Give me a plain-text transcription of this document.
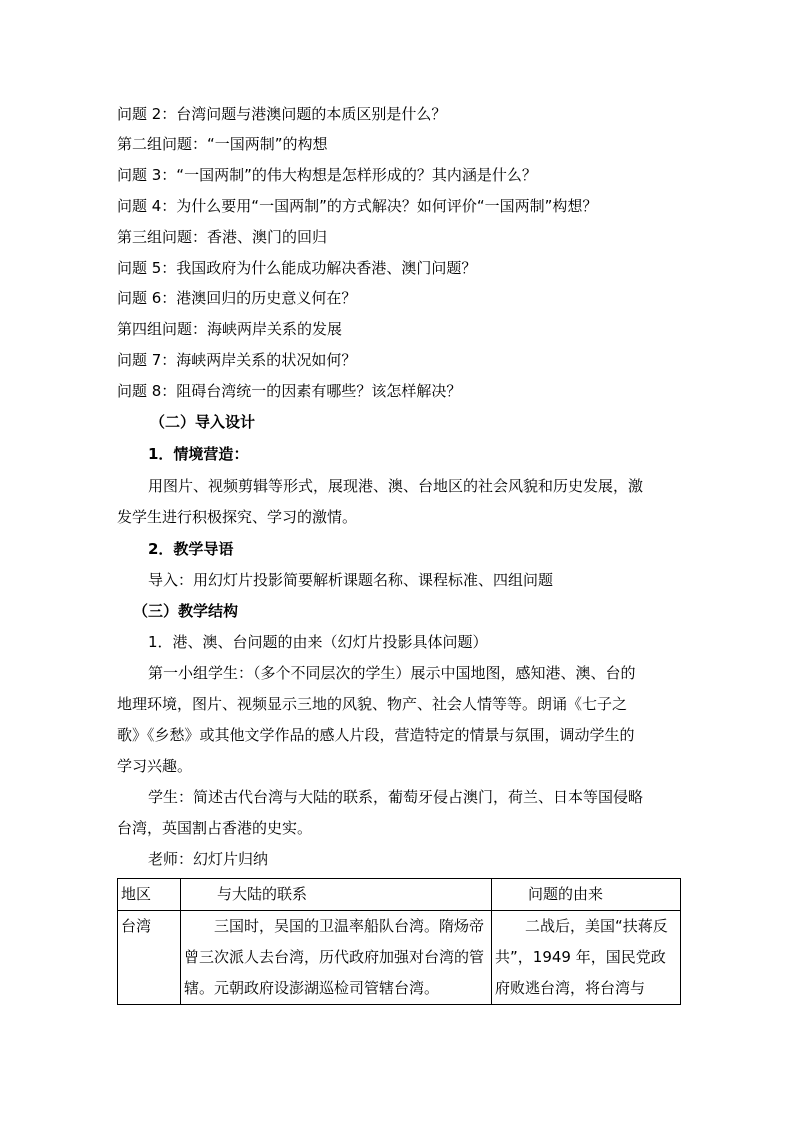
问题 2：台湾问题与港澳问题的本质区别是什么？
第二组问题：“一国两制”的构想
问题 3：“一国两制”的伟大构想是怎样形成的？其内涵是什么？
问题 4：为什么要用“一国两制”的方式解决？如何评价“一国两制”构想？
第三组问题：香港、澳门的回归
问题 5：我国政府为什么能成功解决香港、澳门问题？
问题 6：港澳回归的历史意义何在？
第四组问题：海峡两岸关系的发展
问题 7：海峡两岸关系的状况如何？
问题 8：阻碍台湾统一的因素有哪些？该怎样解决？
（二）导入设计
1．情境营造：
用图片、视频剪辑等形式，展现港、澳、台地区的社会风貌和历史发展，激
发学生进行积极探究、学习的激情。
2．教学导语
导入：用幻灯片投影简要解析课题名称、课程标准、四组问题
（三）教学结构
1．港、澳、台问题的由来（幻灯片投影具体问题）
第一小组学生：（多个不同层次的学生）展示中国地图，感知港、澳、台的
地理环境，图片、视频显示三地的风貌、物产、社会人情等等。朗诵《七子之
歌》《乡愁》或其他文学作品的感人片段，营造特定的情景与氛围，调动学生的
学习兴趣。
学生：简述古代台湾与大陆的联系，葡萄牙侵占澳门，荷兰、日本等国侵略
台湾，英国割占香港的史实。
老师：幻灯片归纳
地区	与大陆的联系	问题的由来
台湾	三国时，吴国的卫温率船队台湾。隋炀帝曾三次派人去台湾，历代政府加强对台湾的管辖。元朝政府设澎湖巡检司管辖台湾。	二战后，美国“扶蒋反共”，1949 年，国民党政府败逃台湾，将台湾与
